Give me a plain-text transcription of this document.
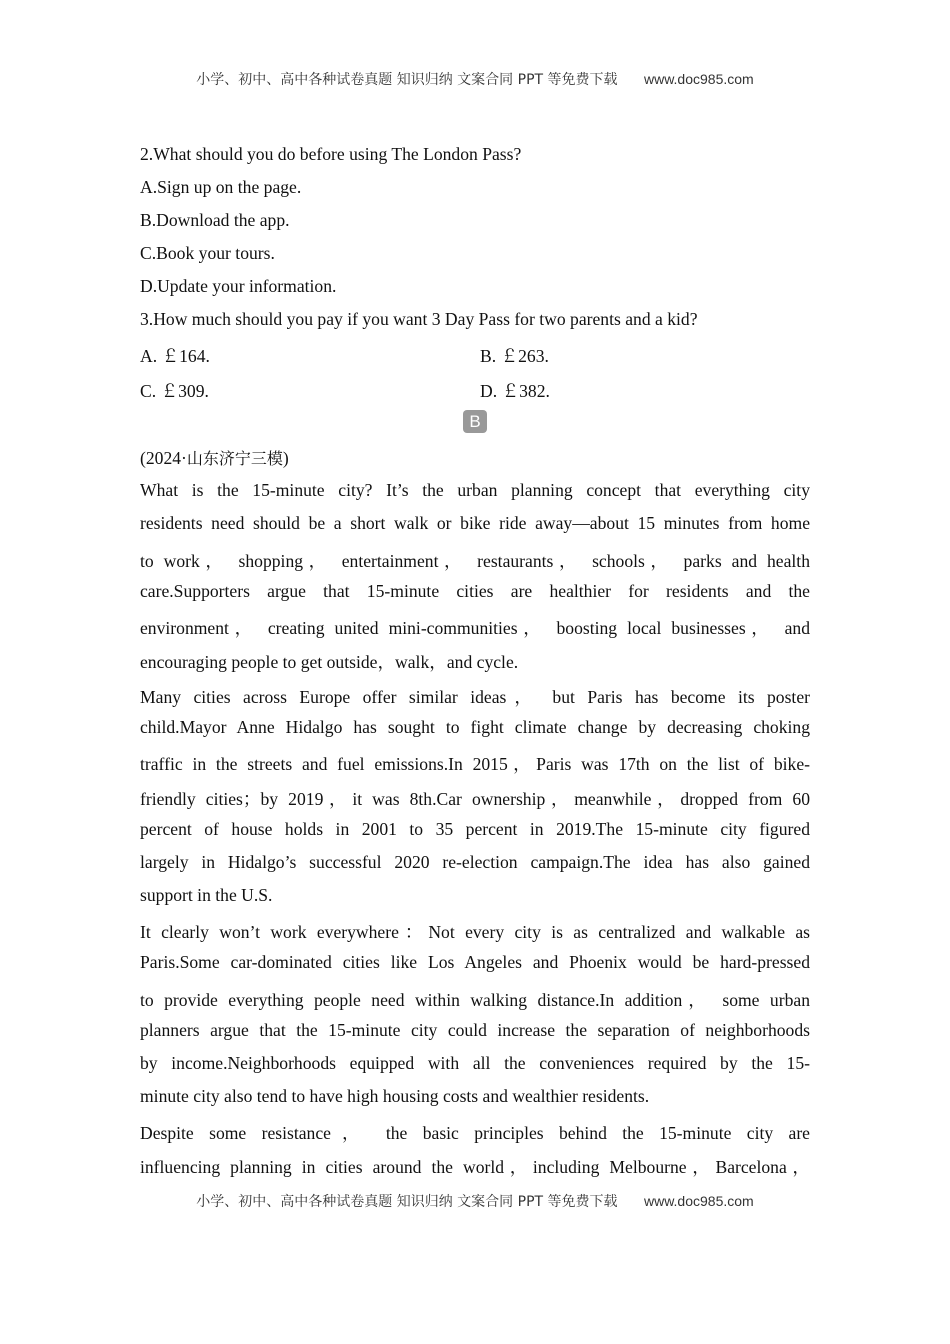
小学、初中、高中各种试卷真题 知识归纳 文案合同 PPT 等免费下载 www.doc985.com
2.What should you do before using The London Pass?
A.Sign up on the page.
B.Download the app.
C.Book your tours.
D.Update your information.
3.How much should you pay if you want 3 Day Pass for two parents and a kid?
A. ￡164.	B. ￡263.
C. ￡309.	D. ￡382.
B
(2024·山东济宁三模)
What is the 15-minute city? It’s the urban planning concept that everything city
residents need should be a short walk or bike ride away—about 15 minutes from home
to work， shopping， entertainment， restaurants， schools， parks and health
care.Supporters argue that 15-minute cities are healthier for residents and the
environment， creating united mini-communities， boosting local businesses， and
encouraging people to get outside，walk，and cycle.
Many cities across Europe offer similar ideas， but Paris has become its poster
child.Mayor Anne Hidalgo has sought to fight climate change by decreasing choking
traffic in the streets and fuel emissions.In 2015，Paris was 17th on the list of bike-
friendly cities；by 2019，it was 8th.Car ownership，meanwhile，dropped from 60
percent of house holds in 2001 to 35 percent in 2019.The 15-minute city figured
largely in Hidalgo’s successful 2020 re-election campaign.The idea has also gained
support in the U.S.
It clearly won’t work everywhere：Not every city is as centralized and walkable as
Paris.Some car-dominated cities like Los Angeles and Phoenix would be hard-pressed
to provide everything people need within walking distance.In addition， some urban
planners argue that the 15-minute city could increase the separation of neighborhoods
by income.Neighborhoods equipped with all the conveniences required by the 15-
minute city also tend to have high housing costs and wealthier residents.
Despite some resistance， the basic principles behind the 15-minute city are
influencing planning in cities around the world，including Melbourne，Barcelona，
小学、初中、高中各种试卷真题 知识归纳 文案合同 PPT 等免费下载 www.doc985.com
